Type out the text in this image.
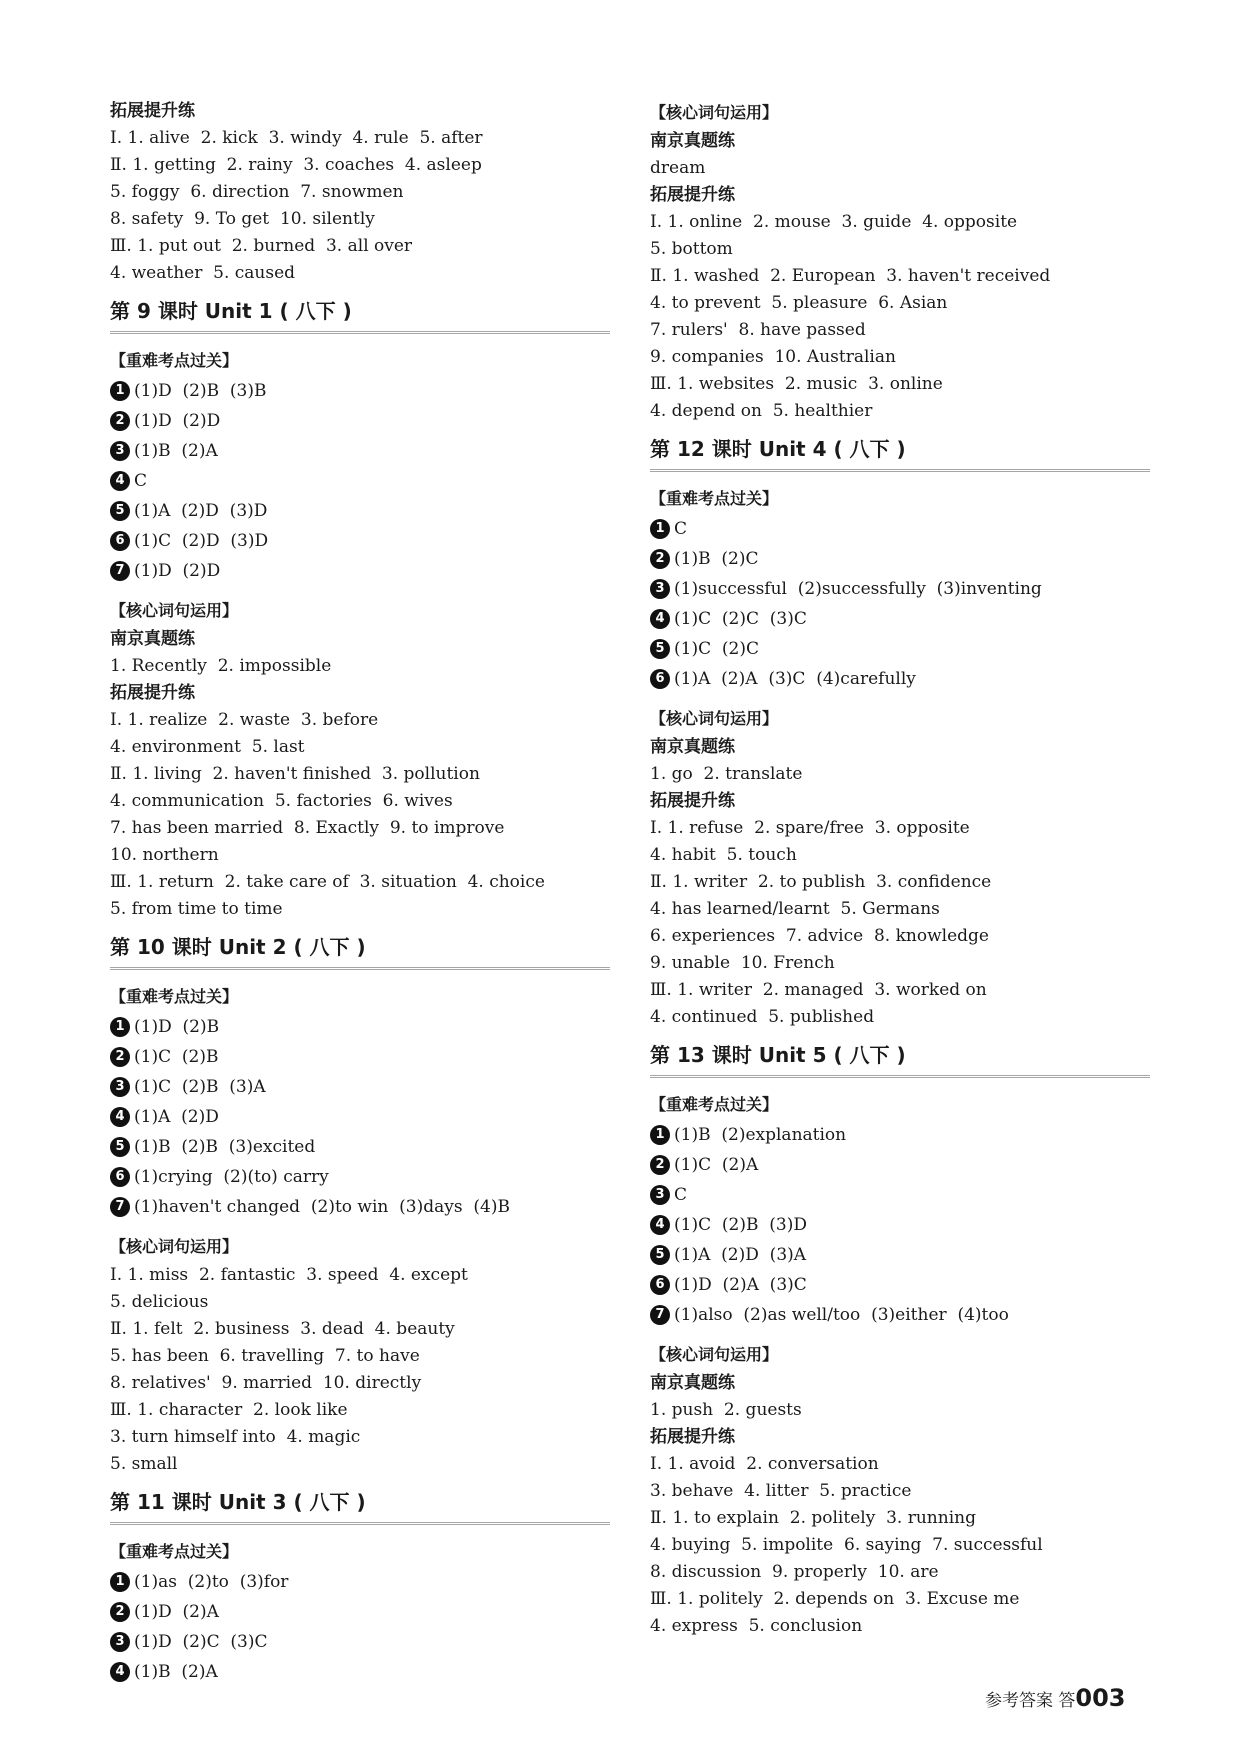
拓展提升练
Ⅰ. 1. alive  2. kick  3. windy  4. rule  5. after
Ⅱ. 1. getting  2. rainy  3. coaches  4. asleep
5. foggy  6. direction  7. snowmen
8. safety  9. To get  10. silently
Ⅲ. 1. put out  2. burned  3. all over
4. weather  5. caused
第 9 课时 Unit 1 ( 八下 )
【重难考点过关】
1 (1)D  (2)B  (3)B
2 (1)D  (2)D
3 (1)B  (2)A
4 C
5 (1)A  (2)D  (3)D
6 (1)C  (2)D  (3)D
7 (1)D  (2)D
【核心词句运用】
南京真题练
1. Recently  2. impossible
拓展提升练
Ⅰ. 1. realize  2. waste  3. before
4. environment  5. last
Ⅱ. 1. living  2. haven't finished  3. pollution
4. communication  5. factories  6. wives
7. has been married  8. Exactly  9. to improve
10. northern
Ⅲ. 1. return  2. take care of  3. situation  4. choice
5. from time to time
第 10 课时 Unit 2 ( 八下 )
【重难考点过关】
1 (1)D  (2)B
2 (1)C  (2)B
3 (1)C  (2)B  (3)A
4 (1)A  (2)D
5 (1)B  (2)B  (3)excited
6 (1)crying  (2)(to) carry
7 (1)haven't changed  (2)to win  (3)days  (4)B
【核心词句运用】
Ⅰ. 1. miss  2. fantastic  3. speed  4. except
5. delicious
Ⅱ. 1. felt  2. business  3. dead  4. beauty
5. has been  6. travelling  7. to have
8. relatives'  9. married  10. directly
Ⅲ. 1. character  2. look like
3. turn himself into  4. magic
5. small
第 11 课时 Unit 3 ( 八下 )
【重难考点过关】
1 (1)as  (2)to  (3)for
2 (1)D  (2)A
3 (1)D  (2)C  (3)C
4 (1)B  (2)A
【核心词句运用】
南京真题练
dream
拓展提升练
Ⅰ. 1. online  2. mouse  3. guide  4. opposite
5. bottom
Ⅱ. 1. washed  2. European  3. haven't received
4. to prevent  5. pleasure  6. Asian
7. rulers'  8. have passed
9. companies  10. Australian
Ⅲ. 1. websites  2. music  3. online
4. depend on  5. healthier
第 12 课时 Unit 4 ( 八下 )
【重难考点过关】
1 C
2 (1)B  (2)C
3 (1)successful  (2)successfully  (3)inventing
4 (1)C  (2)C  (3)C
5 (1)C  (2)C
6 (1)A  (2)A  (3)C  (4)carefully
【核心词句运用】
南京真题练
1. go  2. translate
拓展提升练
Ⅰ. 1. refuse  2. spare/free  3. opposite
4. habit  5. touch
Ⅱ. 1. writer  2. to publish  3. confidence
4. has learned/learnt  5. Germans
6. experiences  7. advice  8. knowledge
9. unable  10. French
Ⅲ. 1. writer  2. managed  3. worked on
4. continued  5. published
第 13 课时 Unit 5 ( 八下 )
【重难考点过关】
1 (1)B  (2)explanation
2 (1)C  (2)A
3 C
4 (1)C  (2)B  (3)D
5 (1)A  (2)D  (3)A
6 (1)D  (2)A  (3)C
7 (1)also  (2)as well/too  (3)either  (4)too
【核心词句运用】
南京真题练
1. push  2. guests
拓展提升练
Ⅰ. 1. avoid  2. conversation
3. behave  4. litter  5. practice
Ⅱ. 1. to explain  2. politely  3. running
4. buying  5. impolite  6. saying  7. successful
8. discussion  9. properly  10. are
Ⅲ. 1. politely  2. depends on  3. Excuse me
4. express  5. conclusion
参考答案 答003
